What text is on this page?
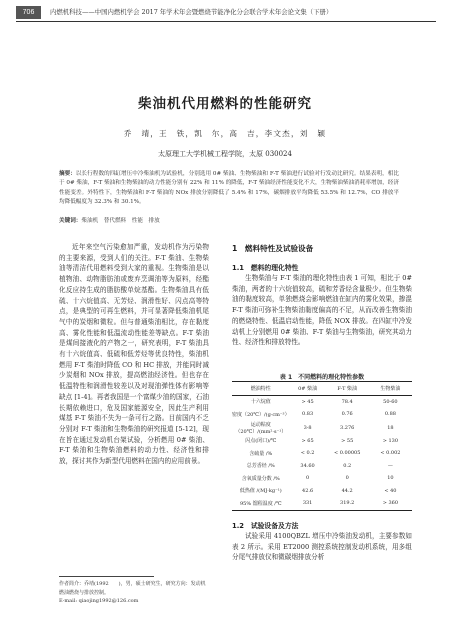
706	内燃机科技——中国内燃机学会 2017 年学术年会暨燃烧节能净化分会联合学术年会论文集（下册）
柴油机代用燃料的性能研究
乔　靖，王　铁，凯　尔，高　吉，李文杰，刘　颖
太原理工大学机械工程学院，太原 030024
摘要：以长行程数的四缸增压中冷柴油机为试验机，分别选用 0# 柴油、生物柴油和 F-T 柴油进行试验对行发动比研究。结果表明，相比于 0# 柴油，F-T 柴油和生物柴油的动力性能分别有 22% 和 11% 的降低，F-T 柴油经济性能变化不大，生物柴油柴油消耗率增加，经济性能变差。外特性下，生物柴油和 F-T 柴油的 NOx 排放分别降低了 5.4% 和 17%，碳烟排放平均降低 53.5% 和 12.7%，CO 排放平均降低幅度为 32.3% 和 30.1%。
关键词：柴油机　替代燃料　性能　排放

近年来空气污染愈加严重，发动机作为污染物的主要来源，受到人们的关注。F-T 柴油、生物柴油等清洁代用燃料受到大家的重视。生物柴油是以植物油、动物脂肪油或废弃烹调油等为原料，经酯化反应持生成的脂肪酸单烷基酯。生物柴油具有低硫、十六烷值高、无芳烃、润滑性好、闪点高等特点，是典型的可再生燃料，并可显著降低柴油机尾气中的炭烟和微粒。但与普通柴油相比，存在黏度高、雾化性能和低温流动性能差等缺点。F-T 柴油是煤间接液化的产物之一，研究表明，F-T 柴油具有十六烷值高、低硫和低芳烃等优良特性，柴油机燃用 F-T 柴油时降低 CO 和 HC 排放，并能同时减少炭烟和 NOx 排放，提高燃油经济性。但也存在低温特性和润滑性较差以及对现油弹性体有影响等缺点 [1-4]。再者我国是一个富煤少油的国家，石油长期依赖进口，危及国家能源安全，因此生产利用煤基 F-T 柴油不失为一条可行之路。目前国内不乏分别对 F-T 柴油和生物柴油的研究报道 [5-12]，现在旨在通过发动机台架试验，分析燃用 0# 柴油、F-T 柴油和生物柴油燃料的动力性、经济性和排放，探讨其作为新型代用燃料在国内的应用前景。

作者简介：乔靖(1992　　)，男，硕士研究生，研究方向：发动机燃油燃烧与排放控制。
E-mail: qiaojing1992@126.com
1　燃料特性及试验设备
1.1　燃料的理化特性

生物柴油与 F-T 柴油的理化特性由表 1 可知，相比于 0# 柴油，两者的十六烷值较高，硫和芳香烃含量极少。但生物柴油的黏度较高，单独燃烧会影响燃油在缸内的雾化效果，掺混 F-T 柴油可弥补生物柴油黏度偏高的不足，从而改善生物柴油的燃烧特性、低温启动性能，降低 NOX 排放。在四缸中冷发动机上分别燃用 0# 柴油、F-T 柴油与生物柴油，研究其动力性、经济性和排放特性。

表 1　不同燃料的理化特性参数
燃油特性	0# 柴油	F-T 柴油	生物柴油
十六烷值	> 45	78.4	50-60
密度（20℃）/(g·cm⁻³）	0.83	0.76	0.88
运动粘度（20℃）/(mm²·s⁻¹）	3-8	3.276	18
闪点(闭口)/℃	> 65	> 55	> 130
含硫量 /%	< 0.2	< 0.00005	< 0.002
总芳香烃 /%	34.60	0.2	—
含氧质量分数 /%	0	0	10
低热值 /(MJ·kg⁻¹)	42.6	44.2	< 40
95% 馏程温度 /℃	331	319.2	> 360
1.2　试验设备及方法

试验采用 4100QBZL 增压中冷柴油发动机，主要参数如表 2 所示。采用 ET2000 测控系统控制发动机系统，用多组分尾气排放仪和微碳烟排放分析
